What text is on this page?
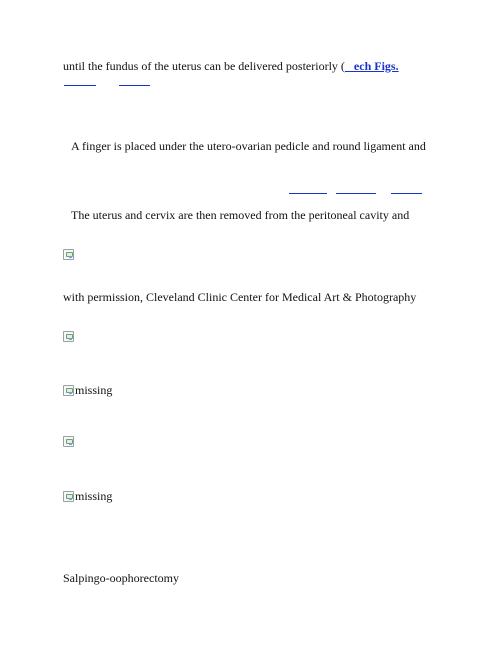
until the fundus of the uterus can be delivered posteriorly (   ech Figs.
A finger is placed under the utero-ovarian pedicle and round ligament and
The uterus and cervix are then removed from the peritoneal cavity and
with permission, Cleveland Clinic Center for Medical Art & Photography
missing
missing
Salpingo-oophorectomy
